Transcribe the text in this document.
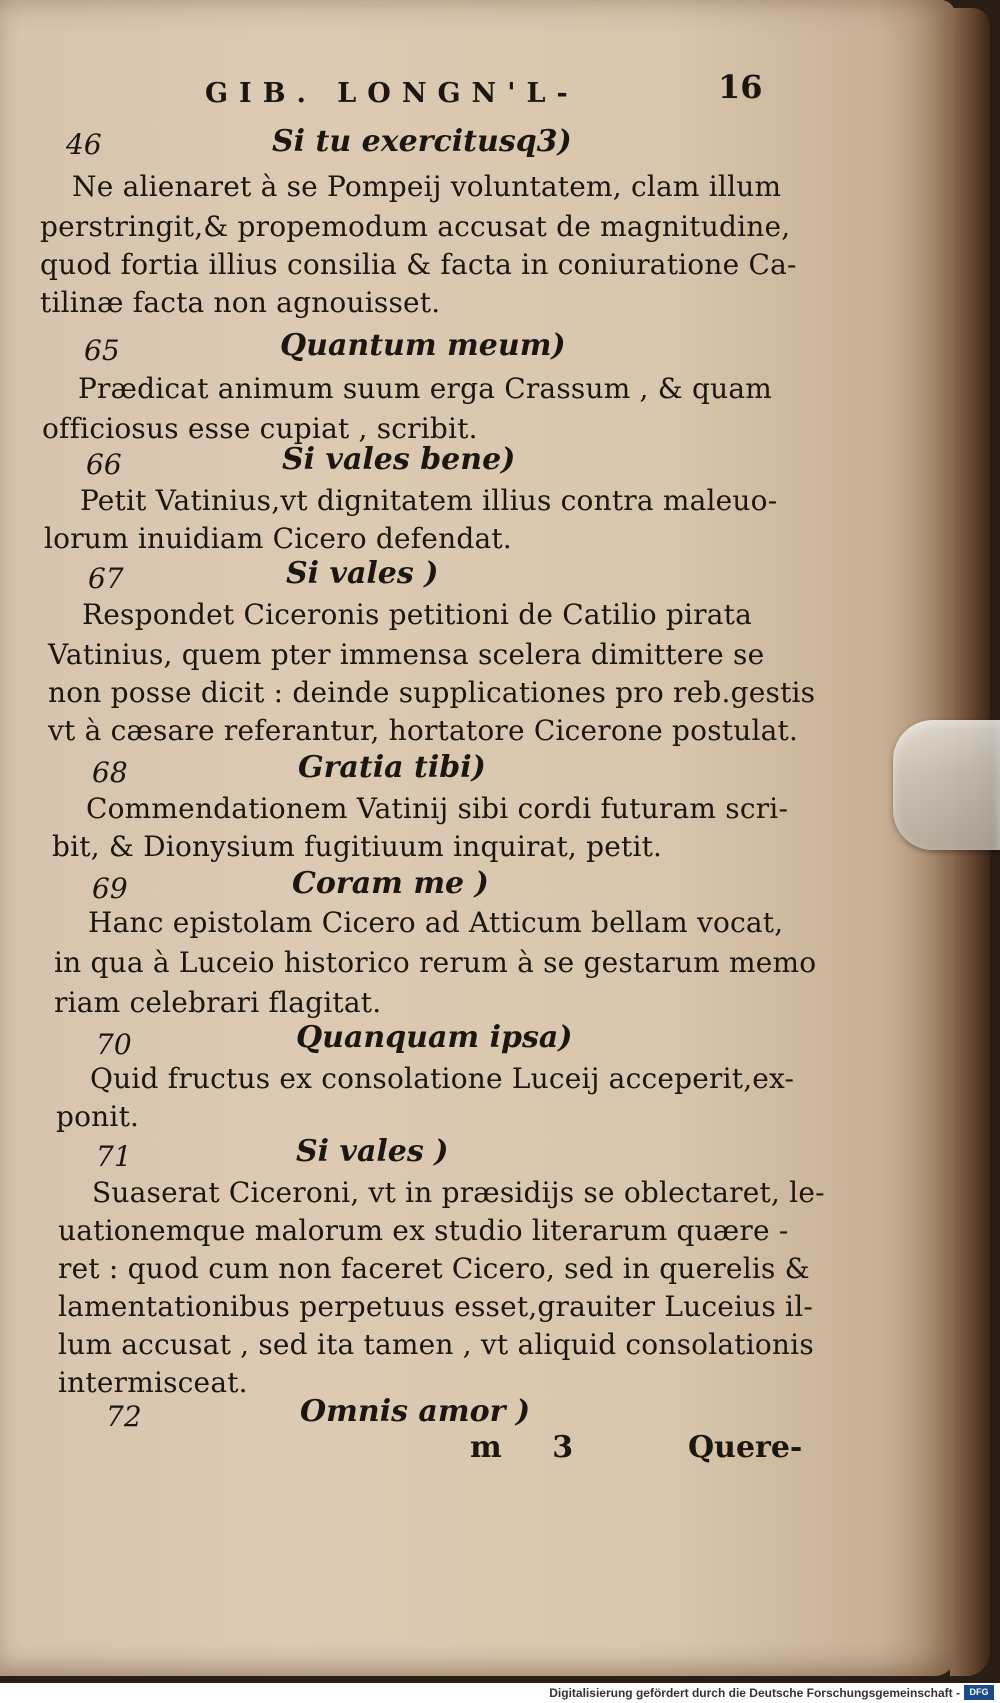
GIB. LONGN'L-	16
46	Si tu exercitusq3)
Ne alienaret à se Pompeij voluntatem, clam illum
perstringit,& propemodum accusat de magnitudine,
quod fortia illius consilia & facta in coniuratione Ca-
tilinæ facta non agnouisset.
65	Quantum meum)
Prædicat animum suum erga Crassum , & quam
officiosus esse cupiat , scribit.
66	Si vales bene)
Petit Vatinius,vt dignitatem illius contra maleuo-
lorum inuidiam Cicero defendat.
67	Si vales )
Respondet Ciceronis petitioni de Catilio pirata
Vatinius, quem pter immensa scelera dimittere se
non posse dicit : deinde supplicationes pro reb.gestis
vt à cæsare referantur, hortatore Cicerone postulat.
68	Gratia tibi)
Commendationem Vatinij sibi cordi futuram scri-
bit, & Dionysium fugitiuum inquirat, petit.
69	Coram me )
Hanc epistolam Cicero ad Atticum bellam vocat,
in qua à Luceio historico rerum à se gestarum memo
riam celebrari flagitat.
70	Quanquam ipsa)
Quid fructus ex consolatione Luceij acceperit,ex-
ponit.
71	Si vales )
Suaserat Ciceroni, vt in præsidijs se oblectaret, le-
uationemque malorum ex studio literarum quære -
ret : quod cum non faceret Cicero, sed in querelis &
lamentationibus perpetuus esset,grauiter Luceius il-
lum accusat , sed ita tamen , vt aliquid consolationis
intermisceat.
72	Omnis amor )
m 3	Quere-
Digitalisierung gefördert durch die Deutsche Forschungsgemeinschaft -	DFG
